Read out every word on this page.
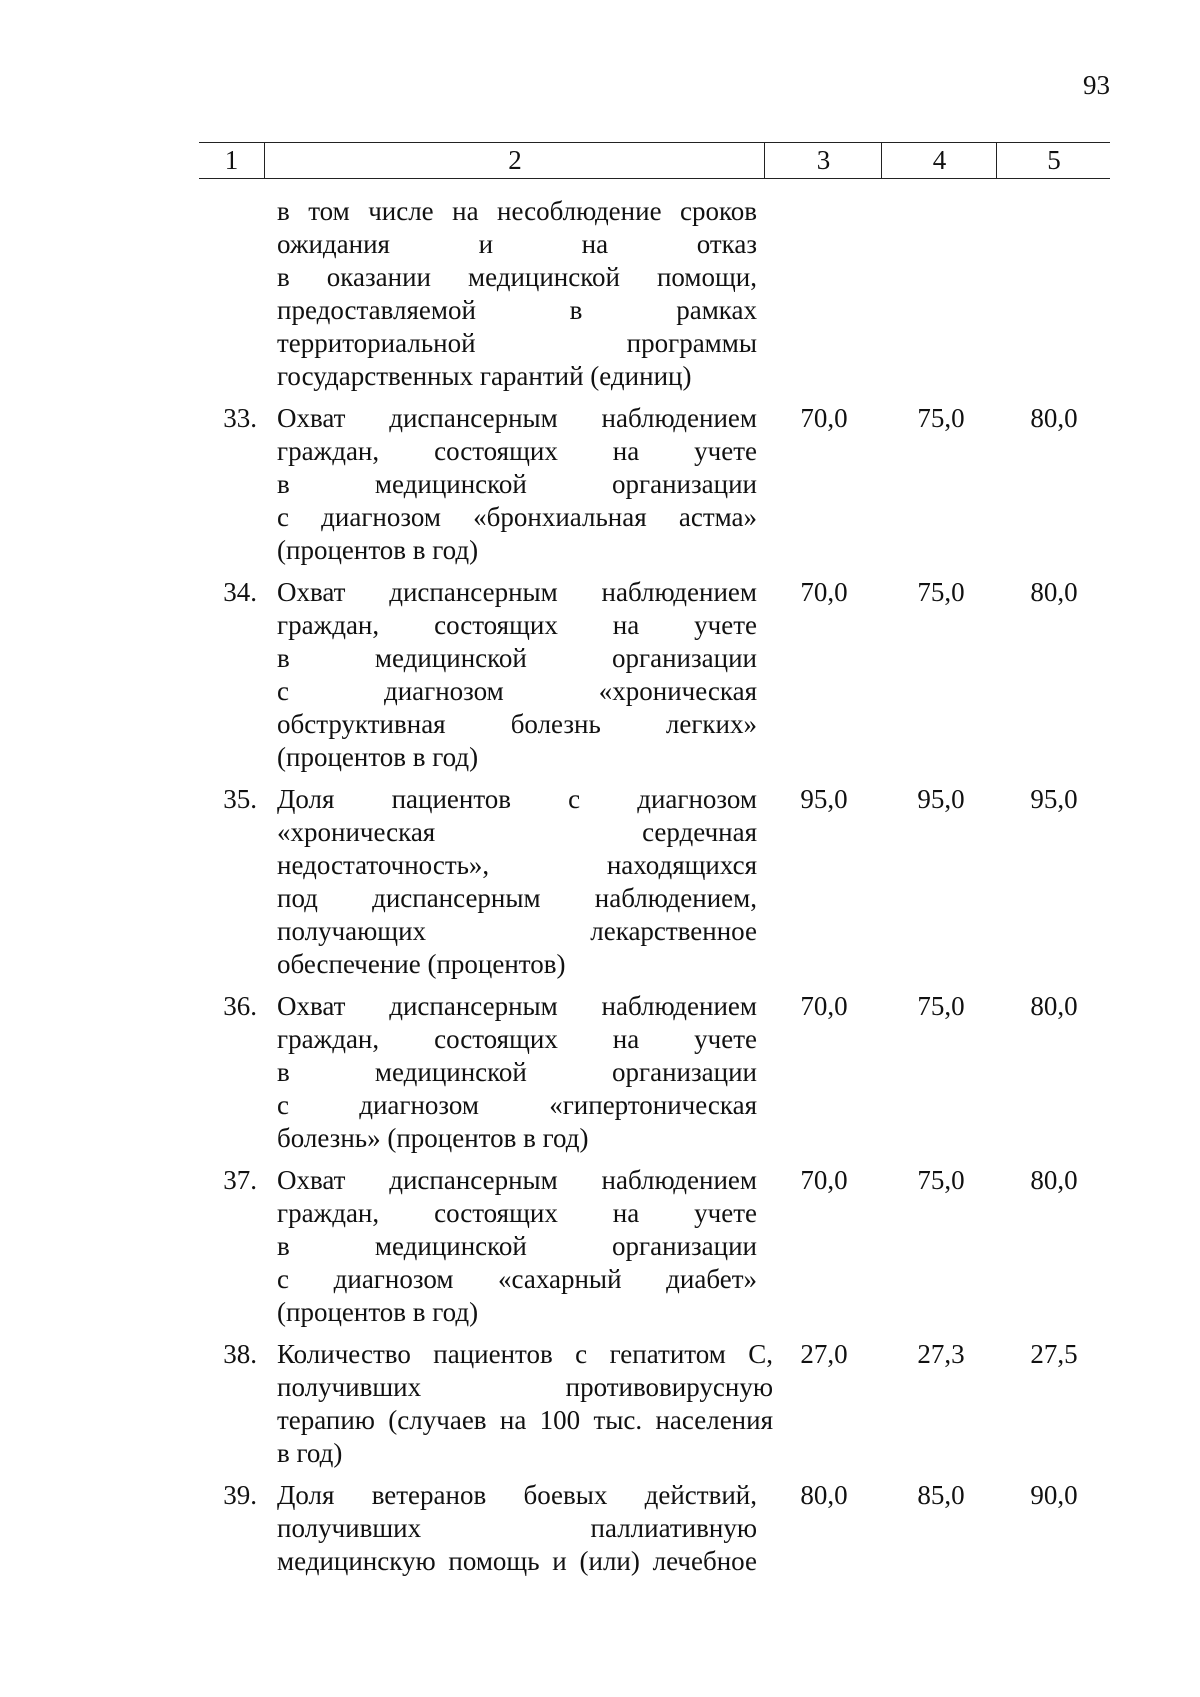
93
1	2	3	4	5
в том числе на несоблюдение сроков
ожидания и на отказ
в оказании медицинской помощи,
предоставляемой в рамках
территориальной программы
государственных гарантий (единиц)
33. Охват диспансерным наблюдением
граждан, состоящих на учете
в медицинской организации
с диагнозом «бронхиальная астма»
(процентов в год)
70,0	75,0	80,0
34. Охват диспансерным наблюдением
граждан, состоящих на учете
в медицинской организации
с диагнозом «хроническая
обструктивная болезнь легких»
(процентов в год)
70,0	75,0	80,0
35. Доля пациентов с диагнозом
«хроническая сердечная
недостаточность», находящихся
под диспансерным наблюдением,
получающих лекарственное
обеспечение (процентов)
95,0	95,0	95,0
36. Охват диспансерным наблюдением
граждан, состоящих на учете
в медицинской организации
с диагнозом «гипертоническая
болезнь» (процентов в год)
70,0	75,0	80,0
37. Охват диспансерным наблюдением
граждан, состоящих на учете
в медицинской организации
с диагнозом «сахарный диабет»
(процентов в год)
70,0	75,0	80,0
38. Количество пациентов с гепатитом С,
получивших противовирусную
терапию (случаев на 100 тыс. населения
в год)
27,0	27,3	27,5
39. Доля ветеранов боевых действий,
получивших паллиативную
медицинскую помощь и (или) лечебное
80,0	85,0	90,0
